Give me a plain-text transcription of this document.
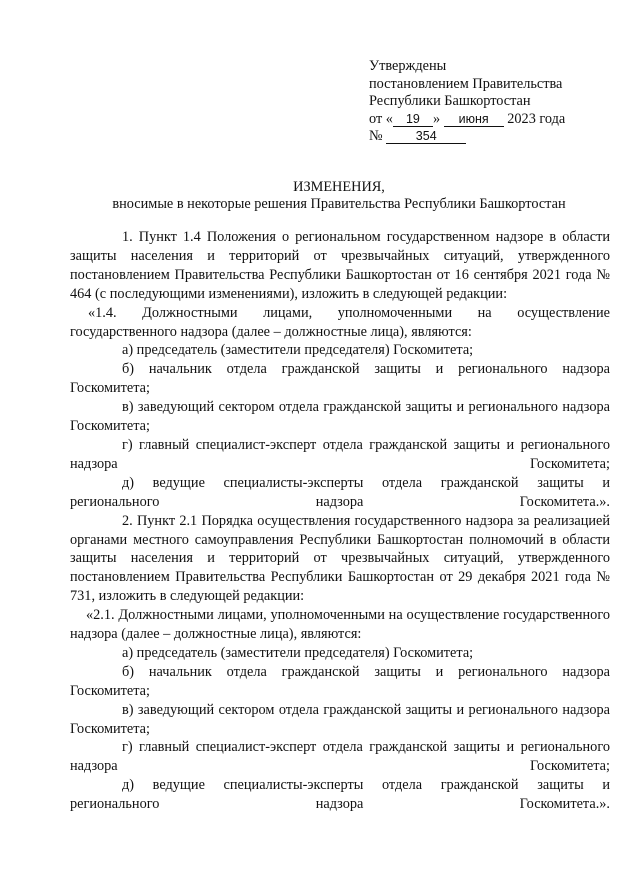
Утверждены
постановлением Правительства
Республики Башкортостан
от « 19 » июня 2023 года
№	354
ИЗМЕНЕНИЯ,
вносимые в некоторые решения Правительства Республики Башкортостан

1. Пункт 1.4 Положения о региональном государственном надзоре в области защиты населения и территорий от чрезвычайных ситуаций, утвержденного постановлением Правительства Республики Башкортостан от 16 сентября 2021 года № 464 (с последующими изменениями), изложить в следующей редакции:

«1.4. Должностными лицами, уполномоченными на осуществление государственного надзора (далее – должностные лица), являются:

а) председатель (заместители председателя) Госкомитета;

б) начальник отдела гражданской защиты и регионального надзора Госкомитета;

в) заведующий сектором отдела гражданской защиты и регионального надзора Госкомитета;

г) главный специалист-эксперт отдела гражданской защиты и регионального надзора Госкомитета;

д) ведущие специалисты-эксперты отдела гражданской защиты и регионального надзора Госкомитета.».

2. Пункт 2.1 Порядка осуществления государственного надзора за реализацией органами местного самоуправления Республики Башкортостан полномочий в области защиты населения и территорий от чрезвычайных ситуаций, утвержденного постановлением Правительства Республики Башкортостан от 29 декабря 2021 года № 731, изложить в следующей редакции:

«2.1. Должностными лицами, уполномоченными на осуществление государственного надзора (далее – должностные лица), являются:

а) председатель (заместители председателя) Госкомитета;

б) начальник отдела гражданской защиты и регионального надзора Госкомитета;

в) заведующий сектором отдела гражданской защиты и регионального надзора Госкомитета;

г) главный специалист-эксперт отдела гражданской защиты и регионального надзора Госкомитета;

д) ведущие специалисты-эксперты отдела гражданской защиты и регионального надзора Госкомитета.».
